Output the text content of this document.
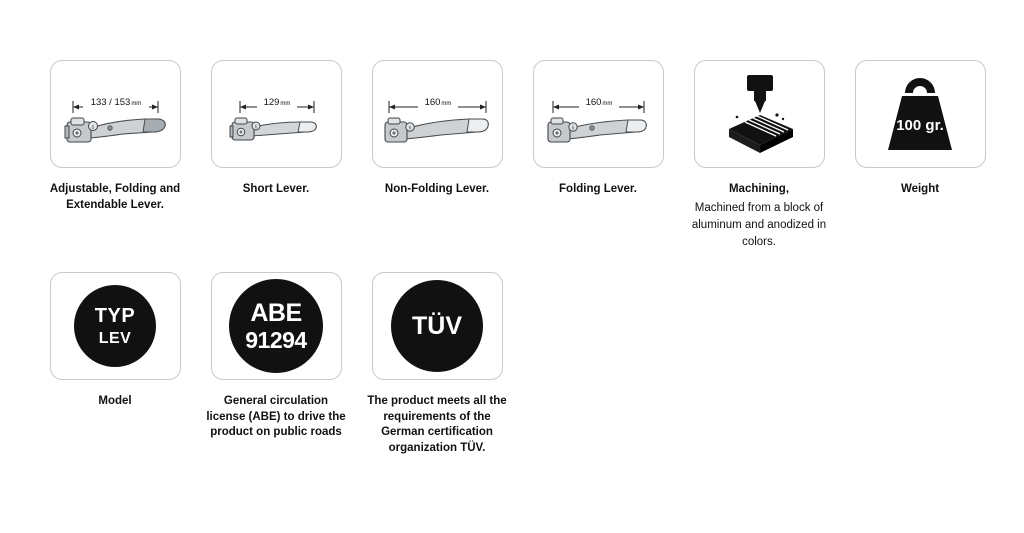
133 / 153mm
6
Adjustable, Folding and Extendable Lever.
129mm
6
Short Lever.
160mm
6
Non-Folding Lever.
160mm
6
Folding Lever.	Machining,
Machined from a block of aluminum and anodized in colors.
100 gr.
Weight
TYP
LEV
Model
ABE
91294
General circulation license (ABE) to drive the product on public roads
TÜV
The product meets all the requirements of the German certification organization TÜV.
